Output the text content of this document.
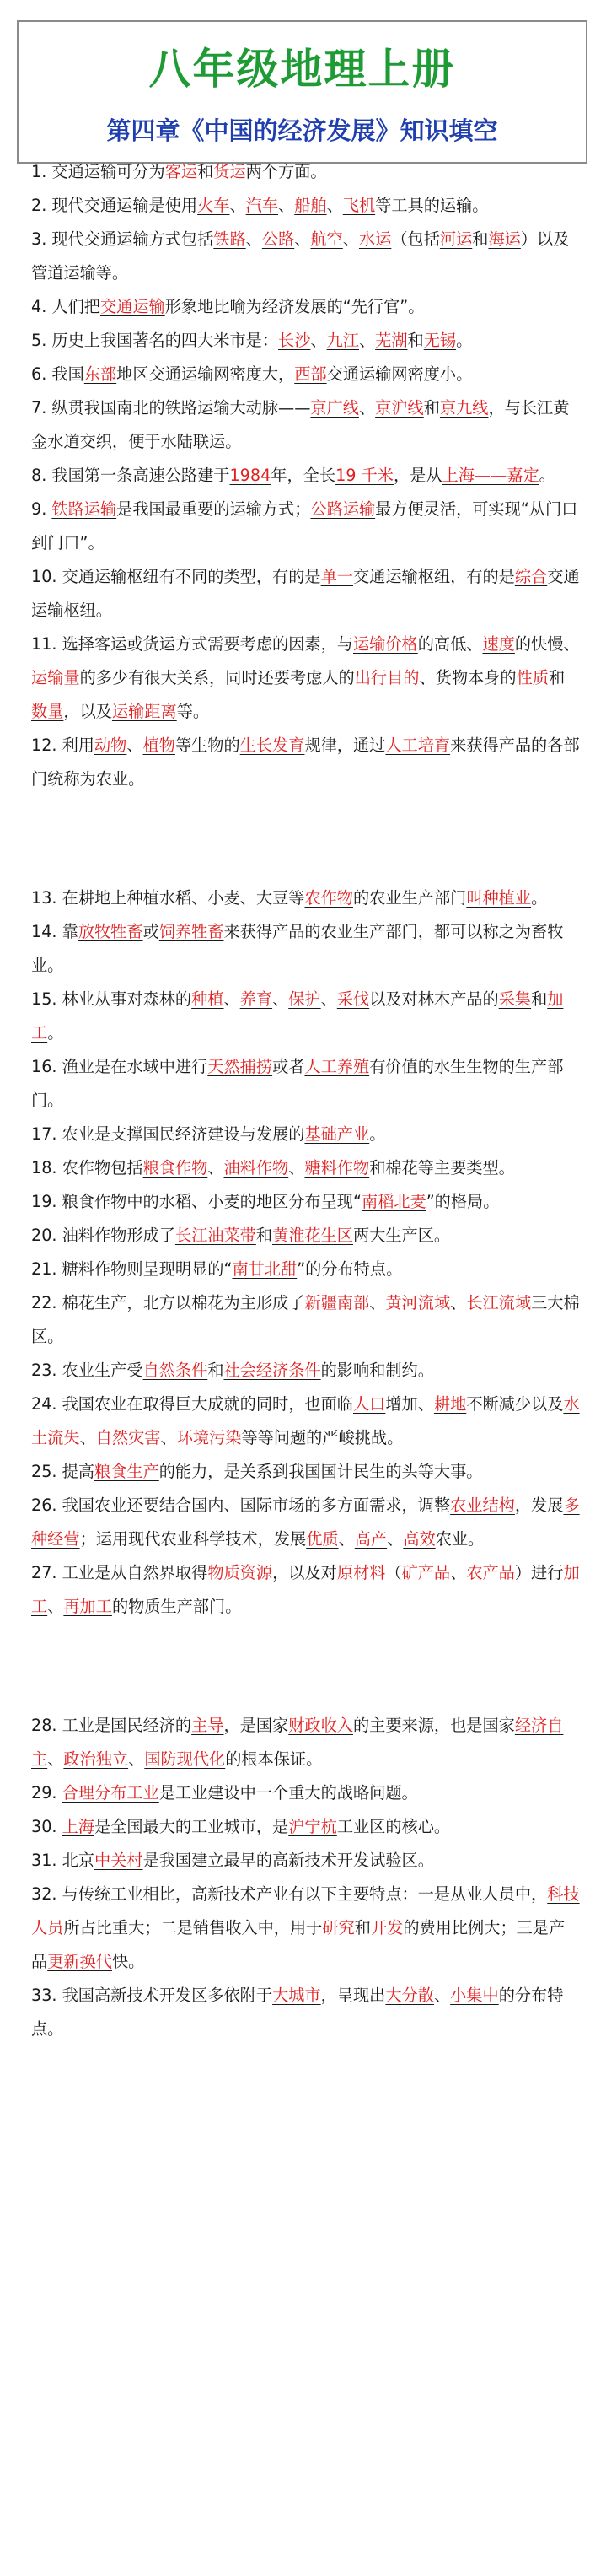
八年级地理上册
第四章《中国的经济发展》知识填空
1. 交通运输可分为客运和货运两个方面。
2. 现代交通运输是使用火车、汽车、船舶、飞机等工具的运输。
3. 现代交通运输方式包括铁路、公路、航空、水运（包括河运和海运）以及管道运输等。
4. 人们把交通运输形象地比喻为经济发展的“先行官”。
5. 历史上我国著名的四大米市是：长沙、九江、芜湖和无锡。
6. 我国东部地区交通运输网密度大，西部交通运输网密度小。
7. 纵贯我国南北的铁路运输大动脉——京广线、京沪线和京九线，与长江黄金水道交织，便于水陆联运。
8. 我国第一条高速公路建于1984年，全长19 千米，是从上海——嘉定。
9. 铁路运输是我国最重要的运输方式；公路运输最方便灵活，可实现“从门口到门口”。
10. 交通运输枢纽有不同的类型，有的是单一交通运输枢纽，有的是综合交通运输枢纽。
11. 选择客运或货运方式需要考虑的因素，与运输价格的高低、速度的快慢、运输量的多少有很大关系，同时还要考虑人的出行目的、货物本身的性质和数量，以及运输距离等。
12. 利用动物、植物等生物的生长发育规律，通过人工培育来获得产品的各部门统称为农业。
13. 在耕地上种植水稻、小麦、大豆等农作物的农业生产部门叫种植业。
14. 靠放牧牲畜或饲养牲畜来获得产品的农业生产部门，都可以称之为畜牧业。
15. 林业从事对森林的种植、养育、保护、采伐以及对林木产品的采集和加工。
16. 渔业是在水域中进行天然捕捞或者人工养殖有价值的水生生物的生产部门。
17. 农业是支撑国民经济建设与发展的基础产业。
18. 农作物包括粮食作物、油料作物、糖料作物和棉花等主要类型。
19. 粮食作物中的水稻、小麦的地区分布呈现“南稻北麦”的格局。
20. 油料作物形成了长江油菜带和黄淮花生区两大生产区。
21. 糖料作物则呈现明显的“南甘北甜”的分布特点。
22. 棉花生产，北方以棉花为主形成了新疆南部、黄河流域、长江流域三大棉区。
23. 农业生产受自然条件和社会经济条件的影响和制约。
24. 我国农业在取得巨大成就的同时，也面临人口增加、耕地不断减少以及水土流失、自然灾害、环境污染等等问题的严峻挑战。
25. 提高粮食生产的能力，是关系到我国国计民生的头等大事。
26. 我国农业还要结合国内、国际市场的多方面需求，调整农业结构，发展多种经营；运用现代农业科学技术，发展优质、高产、高效农业。
27. 工业是从自然界取得物质资源，以及对原材料（矿产品、农产品）进行加工、再加工的物质生产部门。
28. 工业是国民经济的主导，是国家财政收入的主要来源，也是国家经济自主、政治独立、国防现代化的根本保证。
29. 合理分布工业是工业建设中一个重大的战略问题。
30. 上海是全国最大的工业城市，是沪宁杭工业区的核心。
31. 北京中关村是我国建立最早的高新技术开发试验区。
32. 与传统工业相比，高新技术产业有以下主要特点：一是从业人员中，科技人员所占比重大；二是销售收入中，用于研究和开发的费用比例大；三是产品更新换代快。
33. 我国高新技术开发区多依附于大城市，呈现出大分散、小集中的分布特点。
